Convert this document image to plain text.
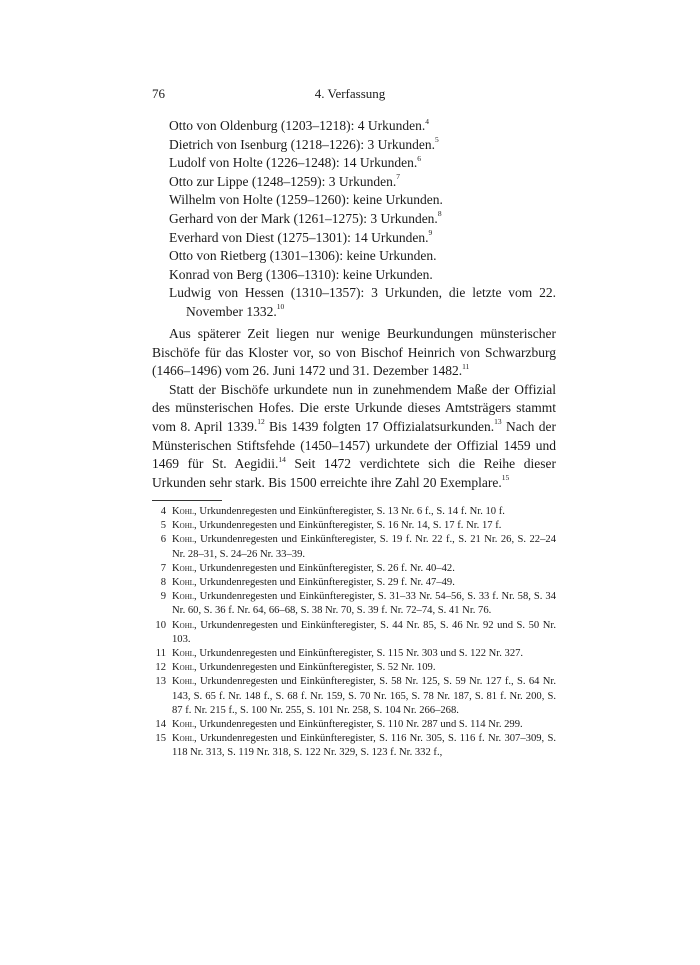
76	4. Verfassung
Otto von Oldenburg (1203–1218): 4 Urkunden.$^4$
Dietrich von Isenburg (1218–1226): 3 Urkunden.$^5$
Ludolf von Holte (1226–1248): 14 Urkunden.$^6$
Otto zur Lippe (1248–1259): 3 Urkunden.$^7$
Wilhelm von Holte (1259–1260): keine Urkunden.
Gerhard von der Mark (1261–1275): 3 Urkunden.$^8$
Everhard von Diest (1275–1301): 14 Urkunden.$^9$
Otto von Rietberg (1301–1306): keine Urkunden.
Konrad von Berg (1306–1310): keine Urkunden.
Ludwig von Hessen (1310–1357): 3 Urkunden, die letzte vom 22. November 1332.10

Aus späterer Zeit liegen nur wenige Beurkundungen münsterischer Bischöfe für das Kloster vor, so von Bischof Heinrich von Schwarzburg (1466–1496) vom 26. Juni 1472 und 31. Dezember 1482.11

Statt der Bischöfe urkundete nun in zunehmendem Maße der Offizial des münsterischen Hofes. Die erste Urkunde dieses Amtsträgers stammt vom 8. April 1339.12 Bis 1439 folgten 17 Offizialatsurkunden.$^{13}$ Nach der Münsterischen Stiftsfehde (1450–1457) urkundete der Offizial 1459 und 1469 für St. Aegidii.$^{14}$ Seit 1472 verdichtete sich die Reihe dieser Urkunden sehr stark. Bis 1500 erreichte ihre Zahl 20 Exemplare.$^{15}$

4 Kohl, Urkundenregesten und Einkünfteregister, S. 13 Nr. 6 f., S. 14 f. Nr. 10 f.
5 Kohl, Urkundenregesten und Einkünfteregister, S. 16 Nr. 14, S. 17 f. Nr. 17 f.
6 Kohl, Urkundenregesten und Einkünfteregister, S. 19 f. Nr. 22 f., S. 21 Nr. 26, S. 22–24 Nr. 28–31, S. 24–26 Nr. 33–39.
7 Kohl, Urkundenregesten und Einkünfteregister, S. 26 f. Nr. 40–42.
8 Kohl, Urkundenregesten und Einkünfteregister, S. 29 f. Nr. 47–49.
9 Kohl, Urkundenregesten und Einkünfteregister, S. 31–33 Nr. 54–56, S. 33 f. Nr. 58, S. 34 Nr. 60, S. 36 f. Nr. 64, 66–68, S. 38 Nr. 70, S. 39 f. Nr. 72–74, S. 41 Nr. 76.
10 Kohl, Urkundenregesten und Einkünfteregister, S. 44 Nr. 85, S. 46 Nr. 92 und S. 50 Nr. 103.
11 Kohl, Urkundenregesten und Einkünfteregister, S. 115 Nr. 303 und S. 122 Nr. 327.
12 Kohl, Urkundenregesten und Einkünfteregister, S. 52 Nr. 109.
13 Kohl, Urkundenregesten und Einkünfteregister, S. 58 Nr. 125, S. 59 Nr. 127 f., S. 64 Nr. 143, S. 65 f. Nr. 148 f., S. 68 f. Nr. 159, S. 70 Nr. 165, S. 78 Nr. 187, S. 81 f. Nr. 200, S. 87 f. Nr. 215 f., S. 100 Nr. 255, S. 101 Nr. 258, S. 104 Nr. 266–268.
14 Kohl, Urkundenregesten und Einkünfteregister, S. 110 Nr. 287 und S. 114 Nr. 299.
15 Kohl, Urkundenregesten und Einkünfteregister, S. 116 Nr. 305, S. 116 f. Nr. 307–309, S. 118 Nr. 313, S. 119 Nr. 318, S. 122 Nr. 329, S. 123 f. Nr. 332 f.,
